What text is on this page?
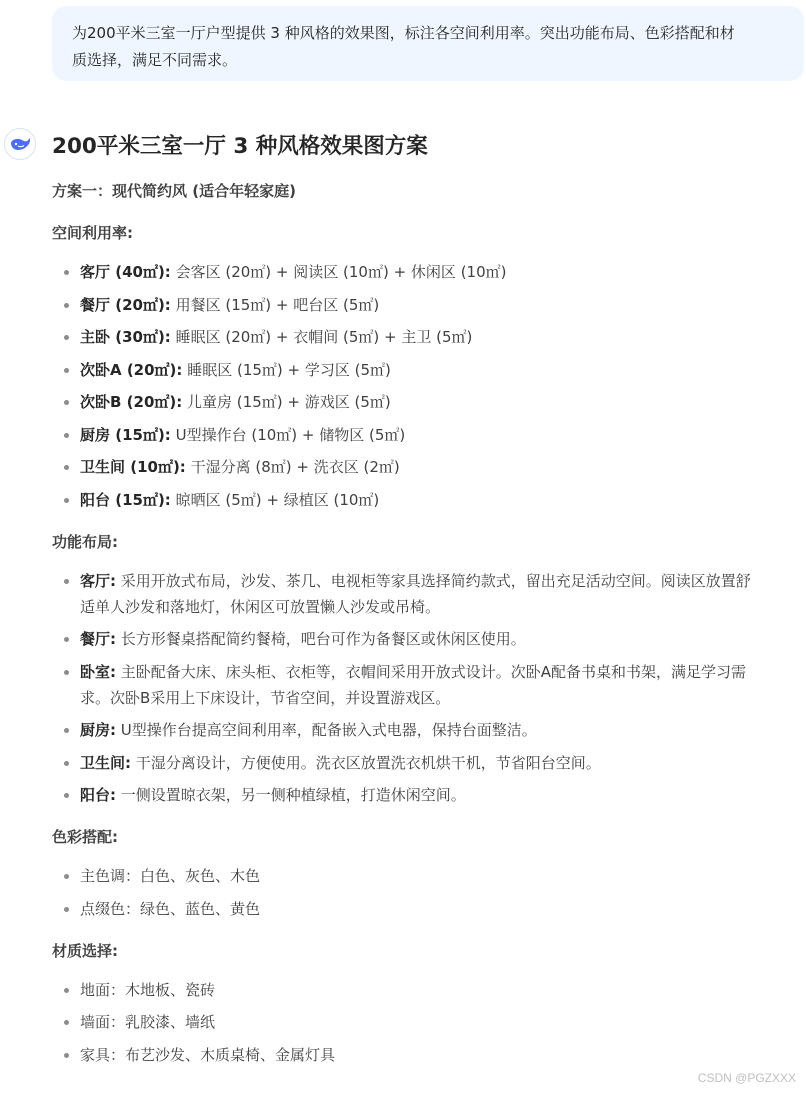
为200平米三室一厅户型提供 3 种风格的效果图，标注各空间利用率。突出功能布局、色彩搭配和材
质选择，满足不同需求。
200平米三室一厅 3 种风格效果图方案
方案一：现代简约风 (适合年轻家庭)
空间利用率:
客厅 (40㎡): 会客区 (20㎡) + 阅读区 (10㎡) + 休闲区 (10㎡)
餐厅 (20㎡): 用餐区 (15㎡) + 吧台区 (5㎡)
主卧 (30㎡): 睡眠区 (20㎡) + 衣帽间 (5㎡) + 主卫 (5㎡)
次卧A (20㎡): 睡眠区 (15㎡) + 学习区 (5㎡)
次卧B (20㎡): 儿童房 (15㎡) + 游戏区 (5㎡)
厨房 (15㎡): U型操作台 (10㎡) + 储物区 (5㎡)
卫生间 (10㎡): 干湿分离 (8㎡) + 洗衣区 (2㎡)
阳台 (15㎡): 晾晒区 (5㎡) + 绿植区 (10㎡)
功能布局:
客厅: 采用开放式布局，沙发、茶几、电视柜等家具选择简约款式，留出充足活动空间。阅读区放置舒
适单人沙发和落地灯，休闲区可放置懒人沙发或吊椅。
餐厅: 长方形餐桌搭配简约餐椅，吧台可作为备餐区或休闲区使用。
卧室: 主卧配备大床、床头柜、衣柜等，衣帽间采用开放式设计。次卧A配备书桌和书架，满足学习需
求。次卧B采用上下床设计，节省空间，并设置游戏区。
厨房: U型操作台提高空间利用率，配备嵌入式电器，保持台面整洁。
卫生间: 干湿分离设计，方便使用。洗衣区放置洗衣机烘干机，节省阳台空间。
阳台: 一侧设置晾衣架，另一侧种植绿植，打造休闲空间。
色彩搭配:
主色调：白色、灰色、木色
点缀色：绿色、蓝色、黄色
材质选择:
地面：木地板、瓷砖
墙面：乳胶漆、墙纸
家具：布艺沙发、木质桌椅、金属灯具
CSDN @PGZXXX
